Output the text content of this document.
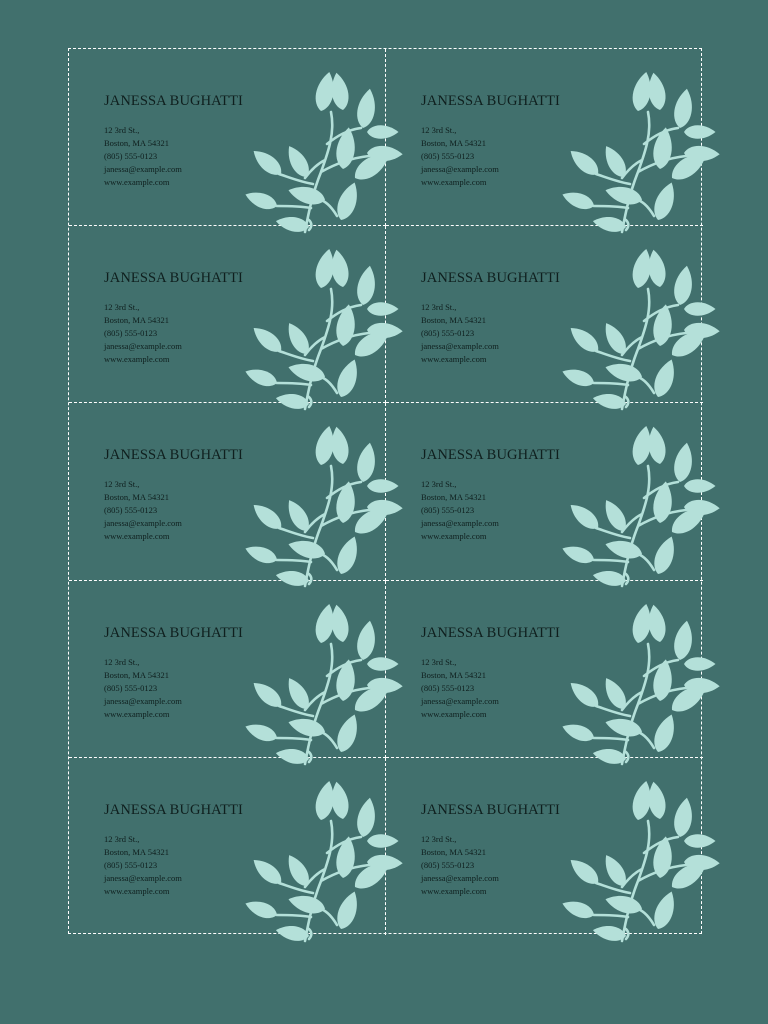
JANESSA BUGHATTI
12 3rd St.,
Boston, MA 54321
(805) 555-0123
janessa@example.com
www.example.com
JANESSA BUGHATTI
12 3rd St.,
Boston, MA 54321
(805) 555-0123
janessa@example.com
www.example.com
JANESSA BUGHATTI
12 3rd St.,
Boston, MA 54321
(805) 555-0123
janessa@example.com
www.example.com
JANESSA BUGHATTI
12 3rd St.,
Boston, MA 54321
(805) 555-0123
janessa@example.com
www.example.com
JANESSA BUGHATTI
12 3rd St.,
Boston, MA 54321
(805) 555-0123
janessa@example.com
www.example.com
JANESSA BUGHATTI
12 3rd St.,
Boston, MA 54321
(805) 555-0123
janessa@example.com
www.example.com
JANESSA BUGHATTI
12 3rd St.,
Boston, MA 54321
(805) 555-0123
janessa@example.com
www.example.com
JANESSA BUGHATTI
12 3rd St.,
Boston, MA 54321
(805) 555-0123
janessa@example.com
www.example.com
JANESSA BUGHATTI
12 3rd St.,
Boston, MA 54321
(805) 555-0123
janessa@example.com
www.example.com
JANESSA BUGHATTI
12 3rd St.,
Boston, MA 54321
(805) 555-0123
janessa@example.com
www.example.com
